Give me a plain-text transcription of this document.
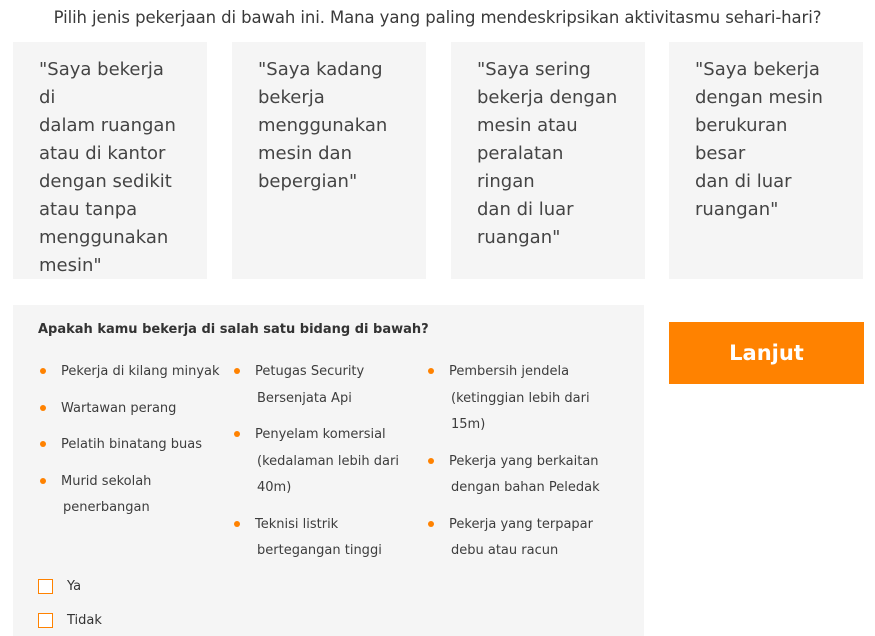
Pilih jenis pekerjaan di bawah ini. Mana yang paling mendeskripsikan aktivitasmu sehari-hari?
"Saya bekerja di
dalam ruangan
atau di kantor
dengan sedikit
atau tanpa
menggunakan
mesin"
"Saya kadang
bekerja
menggunakan
mesin dan
bepergian"
"Saya sering
bekerja dengan
mesin atau
peralatan ringan
dan di luar
ruangan"
"Saya bekerja
dengan mesin
berukuran besar
dan di luar
ruangan"
Apakah kamu bekerja di salah satu bidang di bawah?
Pekerja di kilang minyak
Wartawan perang
Pelatih binatang buas
Murid sekolah
penerbangan
Petugas Security
Bersenjata Api
Penyelam komersial
(kedalaman lebih dari
40m)
Teknisi listrik
bertegangan tinggi
Pembersih jendela
(ketinggian lebih dari
15m)
Pekerja yang berkaitan
dengan bahan Peledak
Pekerja yang terpapar
debu atau racun
Ya
Tidak
Lanjut
